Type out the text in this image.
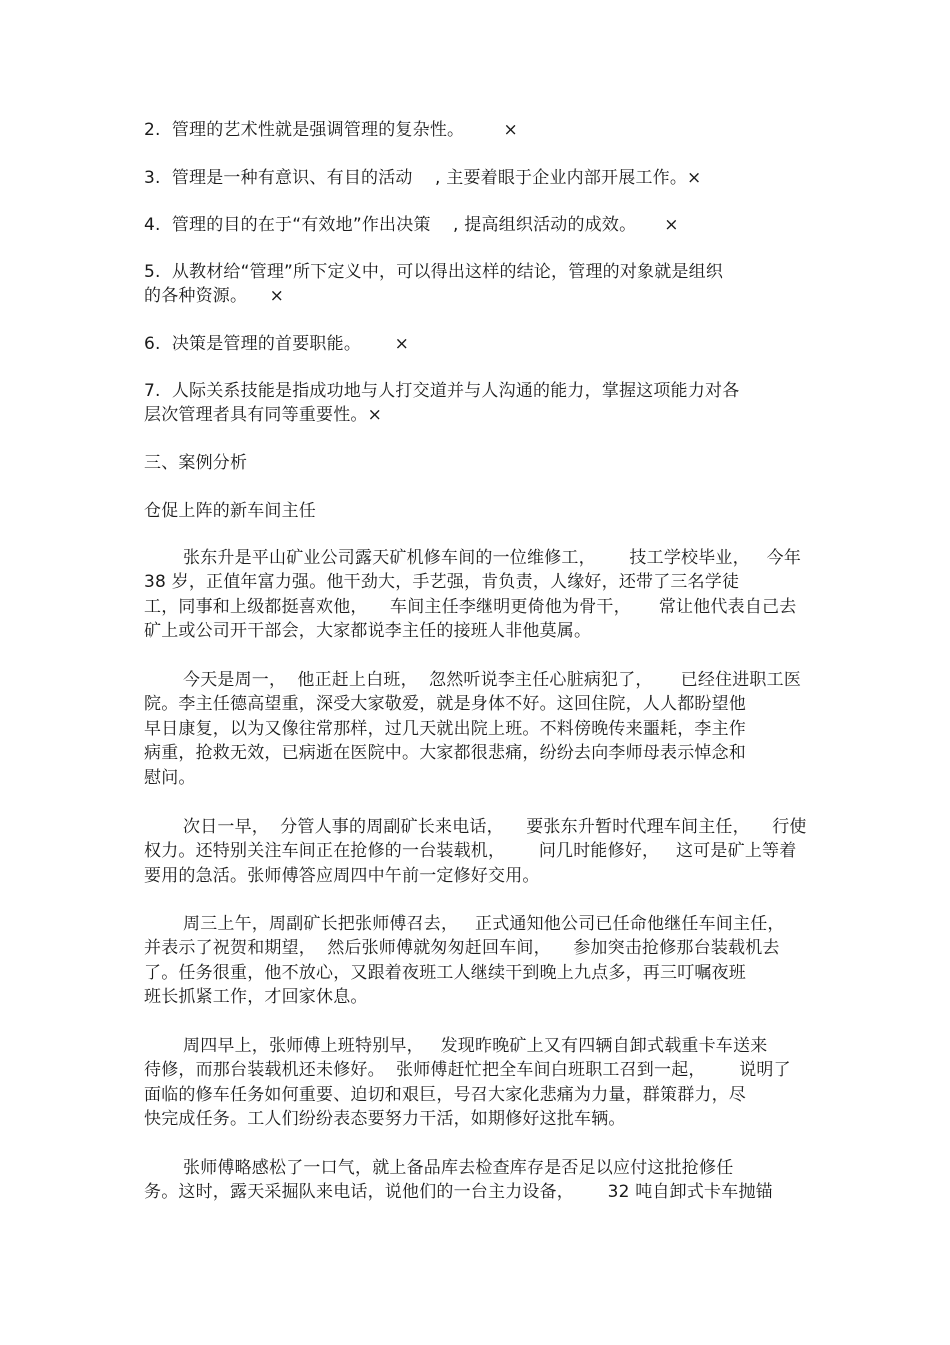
2.  管理的艺术性就是强调管理的复杂性。       ×
3.  管理是一种有意识、有目的活动    , 主要着眼于企业内部开展工作。×
4.  管理的目的在于“有效地”作出决策    , 提高组织活动的成效。     ×
5.  从教材给“管理”所下定义中，可以得出这样的结论，管理的对象就是组织
的各种资源。    ×
6.  决策是管理的首要职能。      ×
7.  人际关系技能是指成功地与人打交道并与人沟通的能力，掌握这项能力对各
层次管理者具有同等重要性。×
三、案例分析
仓促上阵的新车间主任
张东升是平山矿业公司露天矿机修车间的一位维修工，      技工学校毕业，   今年
38 岁，正值年富力强。他干劲大，手艺强，肯负责，人缘好，还带了三名学徒
工，同事和上级都挺喜欢他，    车间主任李继明更倚他为骨干，     常让他代表自己去
矿上或公司开干部会，大家都说李主任的接班人非他莫属。
今天是周一，  他正赶上白班，  忽然听说李主任心脏病犯了，     已经住进职工医
院。李主任德高望重，深受大家敬爱，就是身体不好。这回住院，人人都盼望他
早日康复，以为又像往常那样，过几天就出院上班。不料傍晚传来噩耗，李主作
病重，抢救无效，已病逝在医院中。大家都很悲痛，纷纷去向李师母表示悼念和
慰问。
次日一早，  分管人事的周副矿长来电话，    要张东升暂时代理车间主任，    行使
权力。还特别关注车间正在抢修的一台装载机，      问几时能修好，   这可是矿上等着
要用的急活。张师傅答应周四中午前一定修好交用。
周三上午，周副矿长把张师傅召去，   正式通知他公司已任命他继任车间主任，
并表示了祝贺和期望，  然后张师傅就匆匆赶回车间，    参加突击抢修那台装载机去
了。任务很重，他不放心，又跟着夜班工人继续干到晚上九点多，再三叮嘱夜班
班长抓紧工作，才回家休息。
周四早上，张师傅上班特别早，   发现昨晚矿上又有四辆自卸式载重卡车送来
待修，而那台装载机还未修好。  张师傅赶忙把全车间白班职工召到一起，      说明了
面临的修车任务如何重要、迫切和艰巨，号召大家化悲痛为力量，群策群力，尽
快完成任务。工人们纷纷表态要努力干活，如期修好这批车辆。
张师傅略感松了一口气，就上备品库去检查库存是否足以应付这批抢修任
务。这时，露天采掘队来电话，说他们的一台主力设备，      32 吨自卸式卡车抛锚
